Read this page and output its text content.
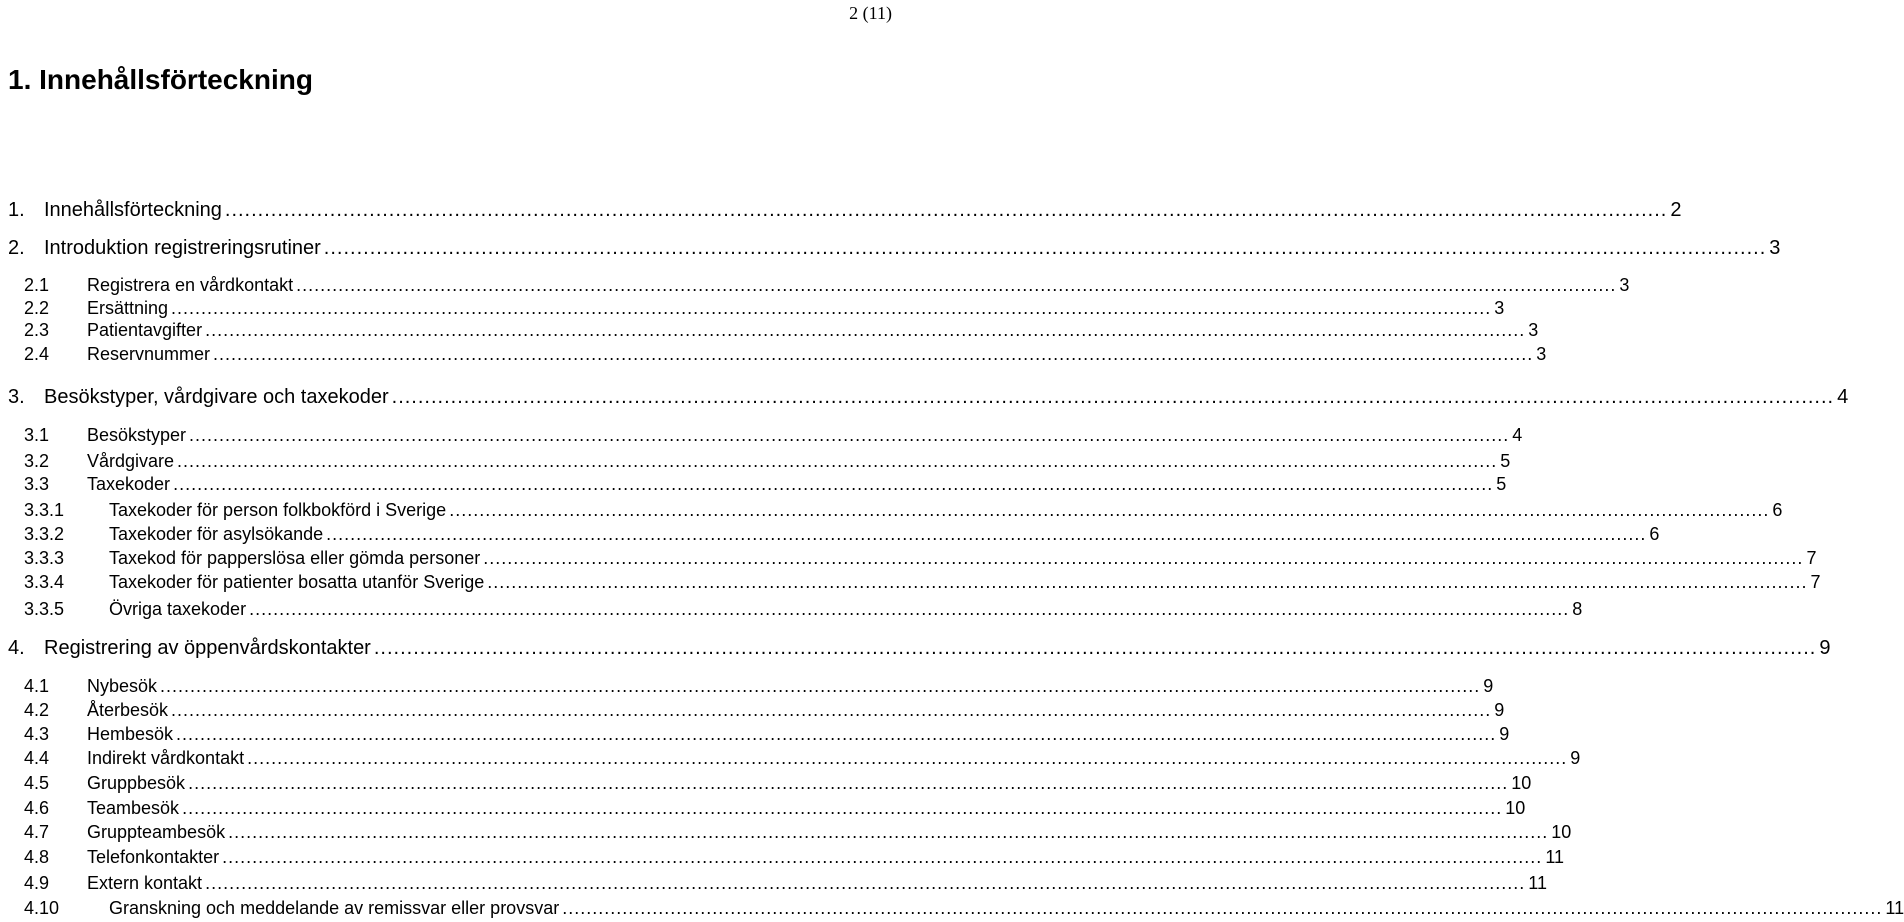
2 (11)
1. Innehållsförteckning
1. Innehållsförteckning ............................................................................................................................................................................................................................ 2
2. Introduktion registreringsrutiner ............................................................................................................................................................................................................................ 3
2.1 Registrera en vårdkontakt ............................................................................................................................................................................................................................ 3
2.2 Ersättning ............................................................................................................................................................................................................................ 3
2.3 Patientavgifter ............................................................................................................................................................................................................................ 3
2.4 Reservnummer ............................................................................................................................................................................................................................ 3
3. Besökstyper, vårdgivare och taxekoder ............................................................................................................................................................................................................................ 4
3.1 Besökstyper ............................................................................................................................................................................................................................ 4
3.2 Vårdgivare ............................................................................................................................................................................................................................ 5
3.3 Taxekoder ............................................................................................................................................................................................................................ 5
3.3.1 Taxekoder för person folkbokförd i Sverige ............................................................................................................................................................................................................................ 6
3.3.2 Taxekoder för asylsökande ............................................................................................................................................................................................................................ 6
3.3.3 Taxekod för papperslösa eller gömda personer ............................................................................................................................................................................................................................ 7
3.3.4 Taxekoder för patienter bosatta utanför Sverige ............................................................................................................................................................................................................................ 7
3.3.5 Övriga taxekoder ............................................................................................................................................................................................................................ 8
4. Registrering av öppenvårdskontakter ............................................................................................................................................................................................................................ 9
4.1 Nybesök ............................................................................................................................................................................................................................ 9
4.2 Återbesök ............................................................................................................................................................................................................................ 9
4.3 Hembesök ............................................................................................................................................................................................................................ 9
4.4 Indirekt vårdkontakt ............................................................................................................................................................................................................................ 9
4.5 Gruppbesök ............................................................................................................................................................................................................................ 10
4.6 Teambesök ............................................................................................................................................................................................................................ 10
4.7 Gruppteambesök ............................................................................................................................................................................................................................ 10
4.8 Telefonkontakter ............................................................................................................................................................................................................................ 11
4.9 Extern kontakt ............................................................................................................................................................................................................................ 11
4.10	Granskning och meddelande av remissvar eller provsvar ............................................................................................................................................................................................................................ 11
